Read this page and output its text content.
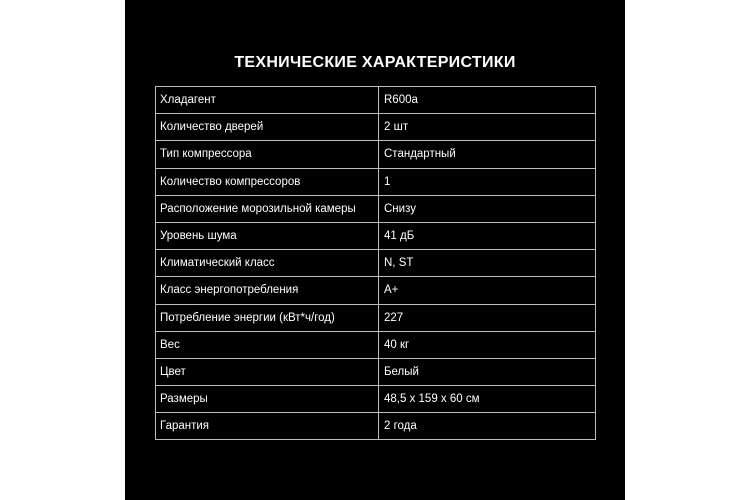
ТЕХНИЧЕСКИЕ ХАРАКТЕРИСТИКИ
Хладагент	R600a
Количество дверей	2 шт
Тип компрессора	Стандартный
Количество компрессоров	1
Расположение морозильной камеры	Снизу
Уровень шума	41 дБ
Климатический класс	N, ST
Класс энергопотребления	A+
Потребление энергии (кВт*ч/год)	227
Вес	40 кг
Цвет	Белый
Размеры	48,5 x 159 x 60 см
Гарантия	2 года
